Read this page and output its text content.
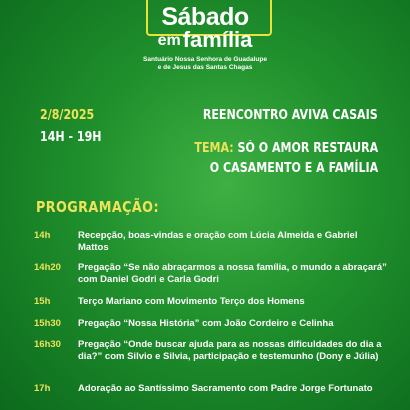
Sábado
emfamília
Santuário Nossa Senhora de Guadalupe
e de Jesus das Santas Chagas
2/8/2025
14H - 19H
REENCONTRO AVIVA CASAIS
TEMA: SÓ O AMOR RESTAURA
O CASAMENTO E A FAMÍLIA
PROGRAMAÇÃO:
14h	Recepção, boas-vindas e oração com Lúcia Almeida e Gabriel Mattos
14h20 Pregação “Se não abraçarmos a nossa família, o mundo a abraçará” com Daniel Godri e Carla Godri
15h	Terço Mariano com Movimento Terço dos Homens
15h30 Pregação “Nossa História” com João Cordeiro e Celinha
16h30 Pregação “Onde buscar ajuda para as nossas dificuldades do dia a dia?” com Silvio e Silvia, participação e testemunho (Dony e Júlia)
17h	Adoração ao Santíssimo Sacramento com Padre Jorge Fortunato
